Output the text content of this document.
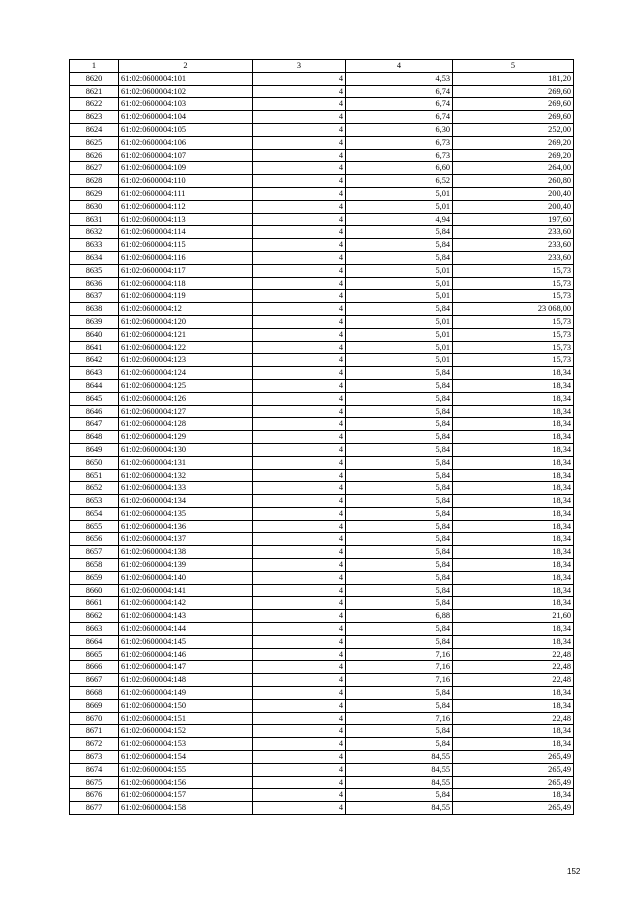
1	2	3	4	5
8620	61:02:0600004:101	4	4,53	181,20
8621	61:02:0600004:102	4	6,74	269,60
8622	61:02:0600004:103	4	6,74	269,60
8623	61:02:0600004:104	4	6,74	269,60
8624	61:02:0600004:105	4	6,30	252,00
8625	61:02:0600004:106	4	6,73	269,20
8626	61:02:0600004:107	4	6,73	269,20
8627	61:02:0600004:109	4	6,60	264,00
8628	61:02:0600004:110	4	6,52	260,80
8629	61:02:0600004:111	4	5,01	200,40
8630	61:02:0600004:112	4	5,01	200,40
8631	61:02:0600004:113	4	4,94	197,60
8632	61:02:0600004:114	4	5,84	233,60
8633	61:02:0600004:115	4	5,84	233,60
8634	61:02:0600004:116	4	5,84	233,60
8635	61:02:0600004:117	4	5,01	15,73
8636	61:02:0600004:118	4	5,01	15,73
8637	61:02:0600004:119	4	5,01	15,73
8638	61:02:0600004:12	4	5,84	23 068,00
8639	61:02:0600004:120	4	5,01	15,73
8640	61:02:0600004:121	4	5,01	15,73
8641	61:02:0600004:122	4	5,01	15,73
8642	61:02:0600004:123	4	5,01	15,73
8643	61:02:0600004:124	4	5,84	18,34
8644	61:02:0600004:125	4	5,84	18,34
8645	61:02:0600004:126	4	5,84	18,34
8646	61:02:0600004:127	4	5,84	18,34
8647	61:02:0600004:128	4	5,84	18,34
8648	61:02:0600004:129	4	5,84	18,34
8649	61:02:0600004:130	4	5,84	18,34
8650	61:02:0600004:131	4	5,84	18,34
8651	61:02:0600004:132	4	5,84	18,34
8652	61:02:0600004:133	4	5,84	18,34
8653	61:02:0600004:134	4	5,84	18,34
8654	61:02:0600004:135	4	5,84	18,34
8655	61:02:0600004:136	4	5,84	18,34
8656	61:02:0600004:137	4	5,84	18,34
8657	61:02:0600004:138	4	5,84	18,34
8658	61:02:0600004:139	4	5,84	18,34
8659	61:02:0600004:140	4	5,84	18,34
8660	61:02:0600004:141	4	5,84	18,34
8661	61:02:0600004:142	4	5,84	18,34
8662	61:02:0600004:143	4	6,88	21,60
8663	61:02:0600004:144	4	5,84	18,34
8664	61:02:0600004:145	4	5,84	18,34
8665	61:02:0600004:146	4	7,16	22,48
8666	61:02:0600004:147	4	7,16	22,48
8667	61:02:0600004:148	4	7,16	22,48
8668	61:02:0600004:149	4	5,84	18,34
8669	61:02:0600004:150	4	5,84	18,34
8670	61:02:0600004:151	4	7,16	22,48
8671	61:02:0600004:152	4	5,84	18,34
8672	61:02:0600004:153	4	5,84	18,34
8673	61:02:0600004:154	4	84,55	265,49
8674	61:02:0600004:155	4	84,55	265,49
8675	61:02:0600004:156	4	84,55	265,49
8676	61:02:0600004:157	4	5,84	18,34
8677	61:02:0600004:158	4	84,55	265,49
152
